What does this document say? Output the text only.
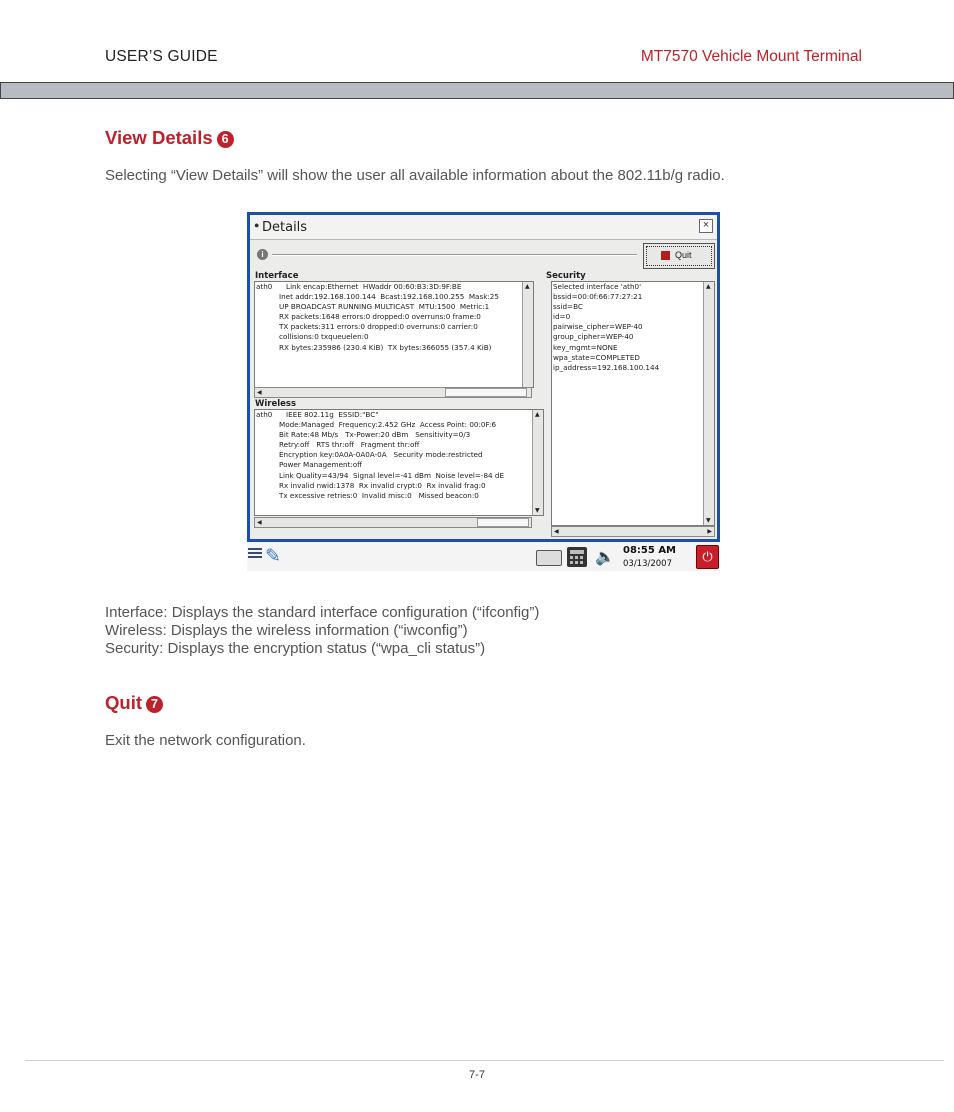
USER’S GUIDE	MT7570 Vehicle Mount Terminal
View Details 6
Selecting “View Details” will show the user all available information about the 802.11b/g radio.
● Details	×
i	Quit
Interface
ath0      Link encap:Ethernet  HWaddr 00:60:B3:3D:9F:BE
Inet addr:192.168.100.144  Bcast:192.168.100.255  Mask:25
UP BROADCAST RUNNING MULTICAST  MTU:1500  Metric:1
RX packets:1648 errors:0 dropped:0 overruns:0 frame:0
TX packets:311 errors:0 dropped:0 overruns:0 carrier:0
collisions:0 txqueuelen:0
RX bytes:235986 (230.4 KiB)  TX bytes:366055 (357.4 KiB)
▲
◀
Security
Selected interface 'ath0'
bssid=00:0f:66:77:27:21
ssid=BC
id=0
pairwise_cipher=WEP-40
group_cipher=WEP-40
key_mgmt=NONE
wpa_state=COMPLETED
ip_address=192.168.100.144
▲
▼
◀	▶
Wireless
ath0      IEEE 802.11g  ESSID:"BC"
Mode:Managed  Frequency:2.452 GHz  Access Point: 00:0F:6
Bit Rate:48 Mb/s   Tx-Power:20 dBm   Sensitivity=0/3
Retry:off   RTS thr:off   Fragment thr:off
Encryption key:0A0A-0A0A-0A   Security mode:restricted
Power Management:off
Link Quality=43/94  Signal level=-41 dBm  Noise level=-84 dE
Rx invalid nwid:1378  Rx invalid crypt:0  Rx invalid frag:0
Tx excessive retries:0  Invalid misc:0   Missed beacon:0
▲
▼
◀
✎	🔈 08:55 AM
03/13/2007	⏻
Interface: Displays the standard interface configuration (“ifconfig”)
Wireless: Displays the wireless information (“iwconfig”)
Security: Displays the encryption status (“wpa_cli status”)
Quit 7
Exit the network configuration.
7-7
